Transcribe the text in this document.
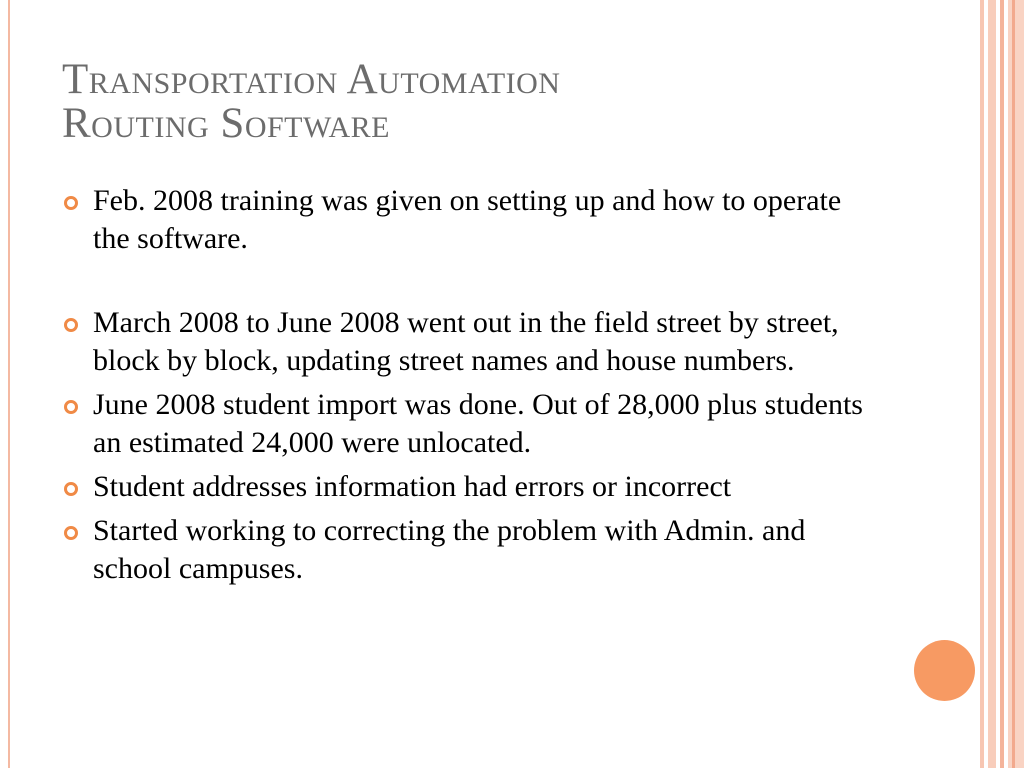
Transportation Automation
Routing Software
Feb. 2008 training was given on setting up and how to operate the software.
March 2008 to June 2008 went out in the field street by street, block by block, updating street names and house numbers.
June 2008 student import was done. Out of 28,000 plus students an estimated 24,000 were unlocated.
Student addresses information had errors or incorrect
Started working to correcting the problem with Admin. and school campuses.
